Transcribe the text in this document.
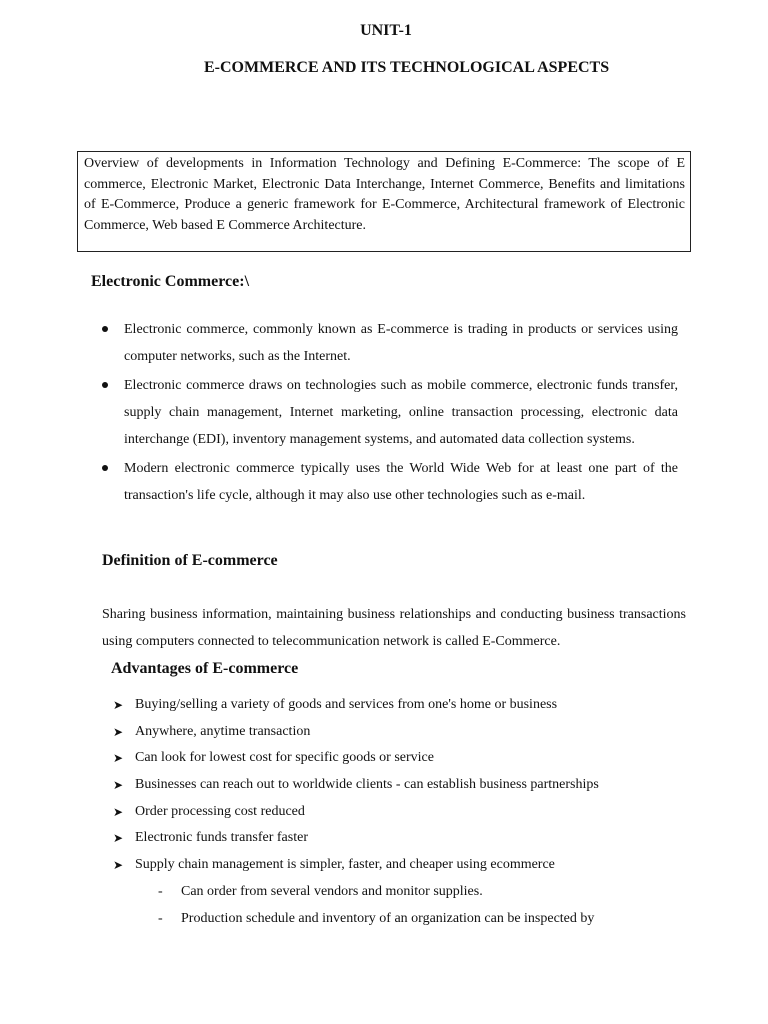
UNIT-1
E-COMMERCE AND ITS TECHNOLOGICAL ASPECTS

Overview of developments in Information Technology and Defining E-Commerce: The scope of E commerce, Electronic Market, Electronic Data Interchange, Internet Commerce, Benefits and limitations of E-Commerce, Produce a generic framework for E-Commerce, Architectural framework of Electronic Commerce, Web based E Commerce Architecture.

Electronic Commerce:\
Electronic commerce, commonly known as E-commerce is trading in products or services using computer networks, such as the Internet.
Electronic commerce draws on technologies such as mobile commerce, electronic funds transfer, supply chain management, Internet marketing, online transaction processing, electronic data interchange (EDI), inventory management systems, and automated data collection systems.
Modern electronic commerce typically uses the World Wide Web for at least one part of the transaction's life cycle, although it may also use other technologies such as e-mail.
Definition of E-commerce

Sharing business information, maintaining business relationships and conducting business transactions using computers connected to telecommunication network is called E-Commerce.

Advantages of E-commerce
➤ Buying/selling a variety of goods and services from one's home or business
➤ Anywhere, anytime transaction
➤ Can look for lowest cost for specific goods or service
➤ Businesses can reach out to worldwide clients - can establish business partnerships
➤ Order processing cost reduced
➤ Electronic funds transfer faster
➤ Supply chain management is simpler, faster, and cheaper using ecommerce
- Can order from several vendors and monitor supplies.
- Production schedule and inventory of an organization can be inspected by
